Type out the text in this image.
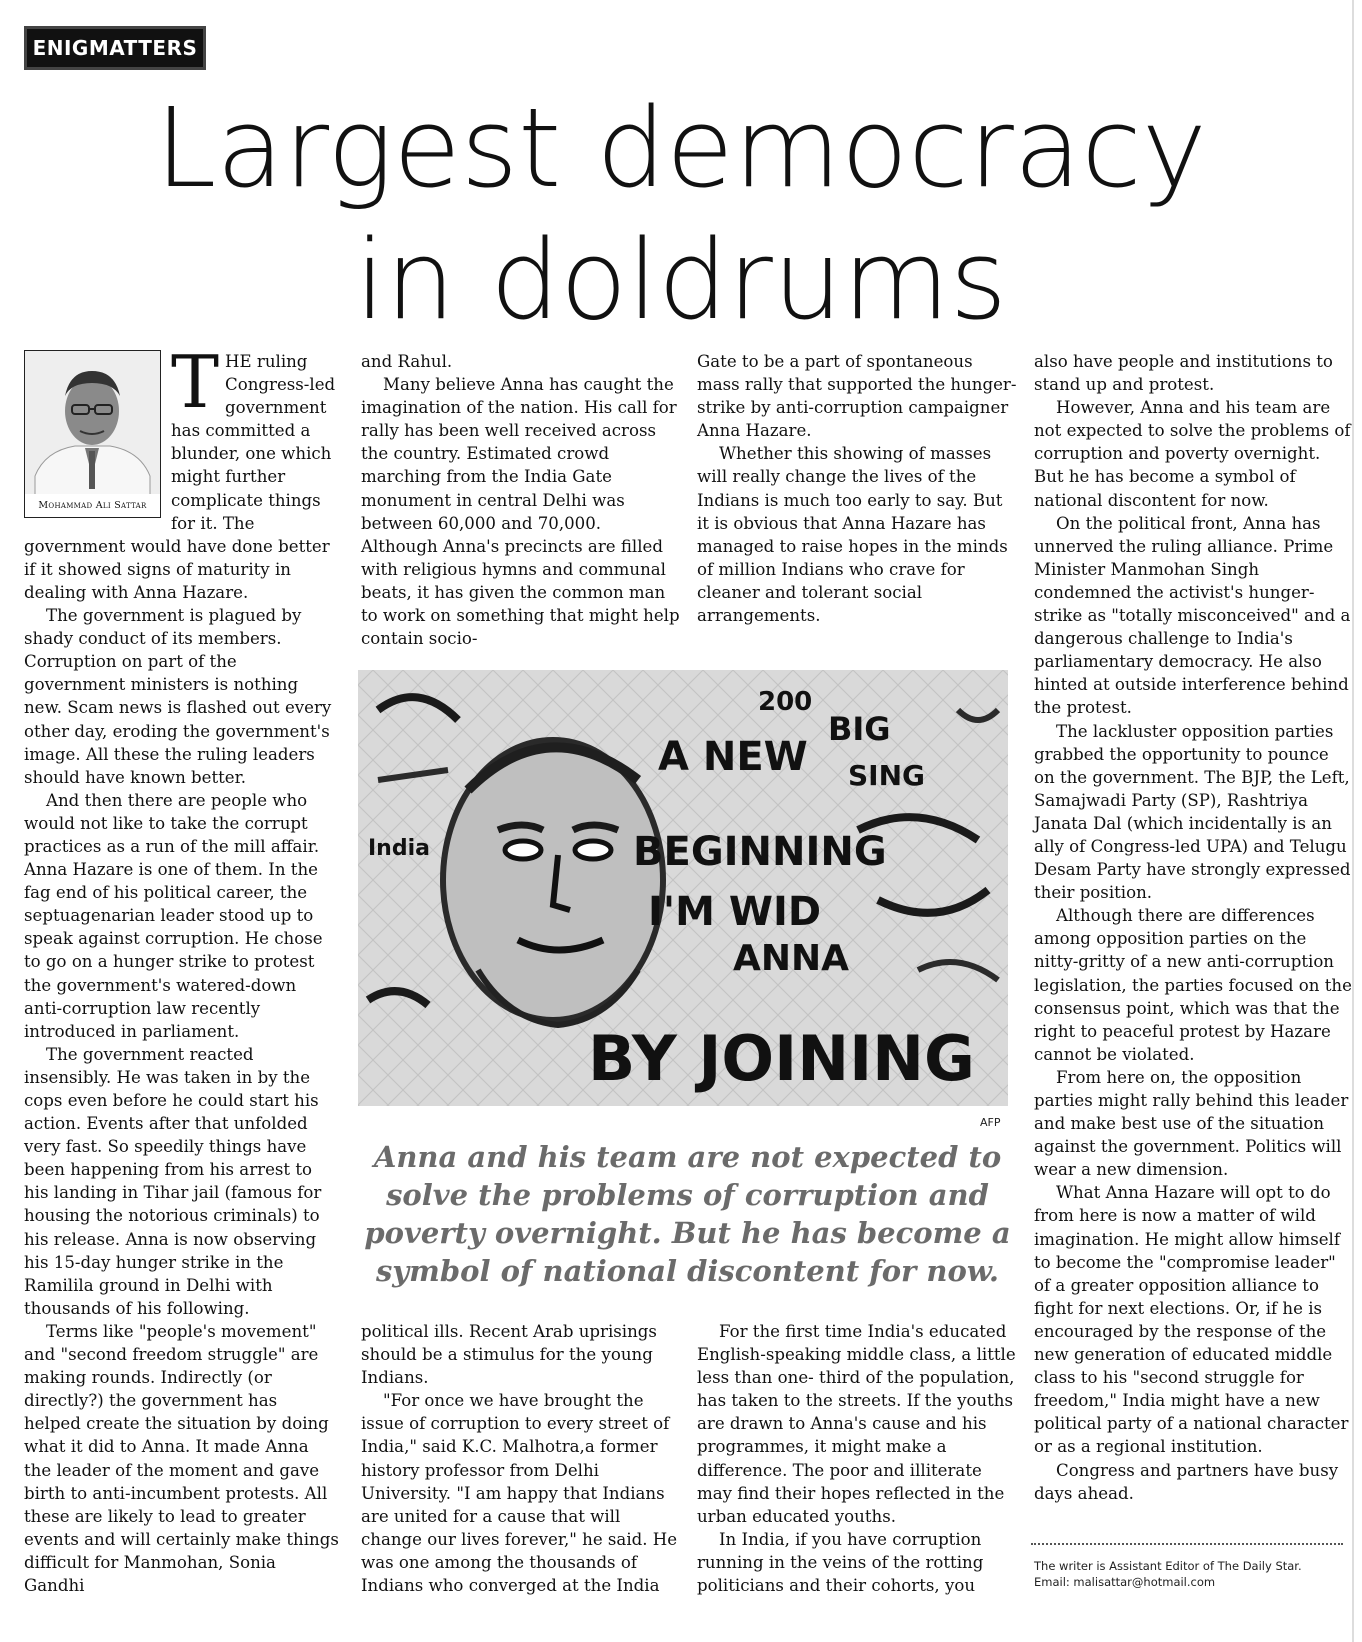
ENIGMATTERS
Largest democracy
in doldrums
Mohammad Ali Sattar
T HE ruling Congress-led government has committed a blunder, one which might further complicate things for it. The government would have done better if it showed signs of maturity in dealing with Anna Hazare.

The government is plagued by shady conduct of its members. Corruption on part of the government ministers is nothing new. Scam news is flashed out every other day, eroding the government's image. All these the ruling leaders should have known better.

And then there are people who would not like to take the corrupt practices as a run of the mill affair. Anna Hazare is one of them. In the fag end of his political career, the septuagenarian leader stood up to speak against corruption. He chose to go on a hunger strike to protest the government's watered-down anti-corruption law recently introduced in parliament.

The government reacted insensibly. He was taken in by the cops even before he could start his action. Events after that unfolded very fast. So speedily things have been happening from his arrest to his landing in Tihar jail (famous for housing the notorious criminals) to his release. Anna is now observing his 15-day hunger strike in the Ramilila ground in Delhi with thousands of his following.

Terms like "people's movement" and "second freedom struggle" are making rounds. Indirectly (or directly?) the government has helped create the situation by doing what it did to Anna. It made Anna the leader of the moment and gave birth to anti-incumbent protests. All these are likely to lead to greater events and will certainly make things difficult for Manmohan, Sonia Gandhi

and Rahul.

Many believe Anna has caught the imagination of the nation. His call for rally has been well received across the country. Estimated crowd marching from the India Gate monument in central Delhi was between 60,000 and 70,000. Although Anna's precincts are filled with religious hymns and communal beats, it has given the common man to work on something that might help contain socio-

Gate to be a part of spontaneous mass rally that supported the hunger-strike by anti-corruption campaigner Anna Hazare.

Whether this showing of masses will really change the lives of the Indians is much too early to say. But it is obvious that Anna Hazare has managed to raise hopes in the minds of million Indians who crave for cleaner and tolerant social arrangements.

A NEW
BEGINNING
I'M WID
ANNA
BY JOINING
BIG
SING
India
200
AFP
Anna and his team are not expected to solve the problems of corruption and poverty overnight. But he has become a symbol of national discontent for now.

political ills. Recent Arab uprisings should be a stimulus for the young Indians.

"For once we have brought the issue of corruption to every street of India," said K.C. Malhotra,a former history professor from Delhi University. "I am happy that Indians are united for a cause that will change our lives forever," he said. He was one among the thousands of Indians who converged at the India

For the first time India's educated English-speaking middle class, a little less than one- third of the population, has taken to the streets. If the youths are drawn to Anna's cause and his programmes, it might make a difference. The poor and illiterate may find their hopes reflected in the urban educated youths.

In India, if you have corruption running in the veins of the rotting politicians and their cohorts, you

also have people and institutions to stand up and protest.

However, Anna and his team are not expected to solve the problems of corruption and poverty overnight. But he has become a symbol of national discontent for now.

On the political front, Anna has unnerved the ruling alliance. Prime Minister Manmohan Singh condemned the activist's hunger-strike as "totally misconceived" and a dangerous challenge to India's parliamentary democracy. He also hinted at outside interference behind the protest.

The lackluster opposition parties grabbed the opportunity to pounce on the government. The BJP, the Left, Samajwadi Party (SP), Rashtriya Janata Dal (which incidentally is an ally of Congress-led UPA) and Telugu Desam Party have strongly expressed their position.

Although there are differences among opposition parties on the nitty-gritty of a new anti-corruption legislation, the parties focused on the consensus point, which was that the right to peaceful protest by Hazare cannot be violated.

From here on, the opposition parties might rally behind this leader and make best use of the situation against the government. Politics will wear a new dimension.

What Anna Hazare will opt to do from here is now a matter of wild imagination. He might allow himself to become the "compromise leader" of a greater opposition alliance to fight for next elections. Or, if he is encouraged by the response of the new generation of educated middle class to his "second struggle for freedom," India might have a new political party of a national character or as a regional institution.

Congress and partners have busy days ahead.

The writer is Assistant Editor of The Daily Star.
Email: malisattar@hotmail.com
